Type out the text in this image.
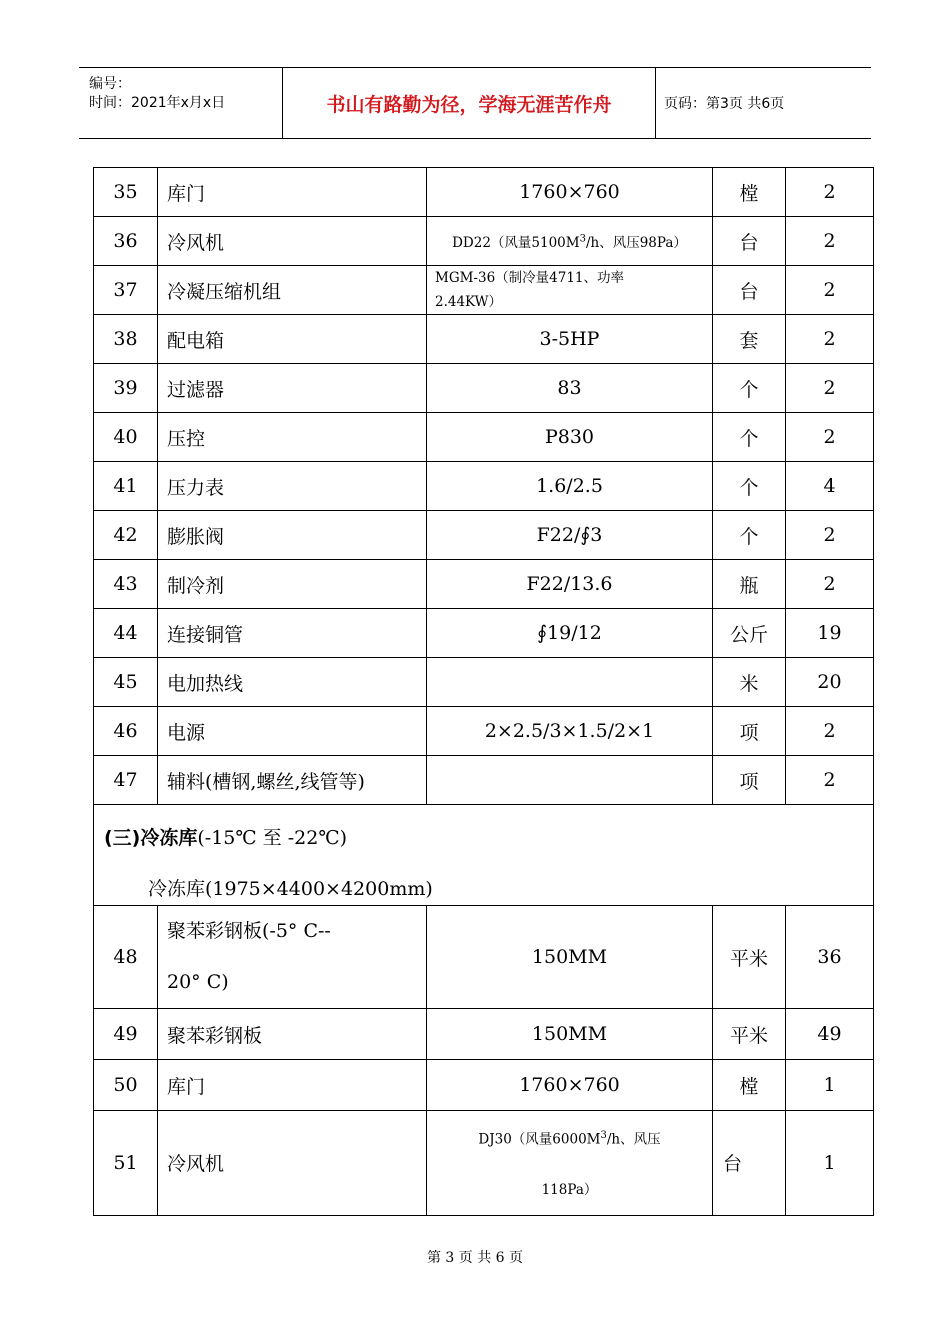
编号：
时间：2021年x月x日	书山有路勤为径，学海无涯苦作舟	页码：第3页 共6页
35	库门	1760×760	樘	2
36	冷风机	DD22（风量$5100M^3/h$、风压98Pa）	台	2
37	冷凝压缩机组	MGM-36（制冷量4711、功率
2.44KW）	台	2
38	配电箱	3-5HP	套	2
39	过滤器	83	个	2
40	压控	P830	个	2
41	压力表	1.6/2.5	个	4
42	膨胀阀	F22/∮3	个	2
43	制冷剂	F22/13.6	瓶	2
44	连接铜管	∮19/12	公斤	19
45	电加热线		米	20
46	电源	2×2.5/3×1.5/2×1	项	2
47	辅料(槽钢,螺丝,线管等)		项	2

(三)冷冻库(-15℃ 至 -22℃)
冷冻库(1975×4400×4200mm)				

48	聚苯彩钢板(-5° C--
20° C)	150MM	平米	36
49	聚苯彩钢板	150MM	平米	49
50	库门	1760×760	樘	1
51	冷风机	DJ30（风量$6000M^3/h$、风压
118Pa）	台	1
第 3 页 共 6 页
